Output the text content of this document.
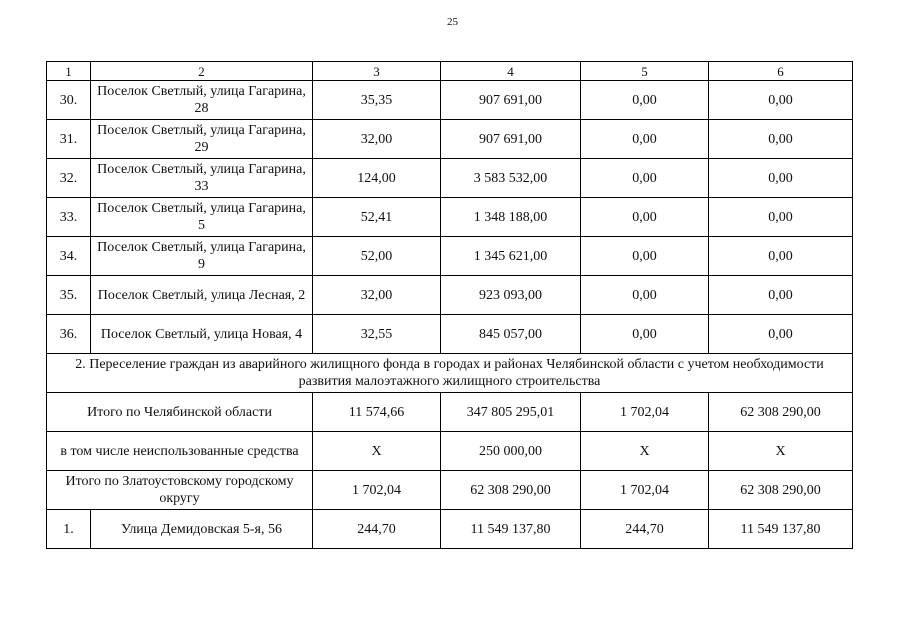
25
1	2	3	4	5	6
30.	Поселок Светлый, улица Гагарина, 28	35,35	907 691,00	0,00	0,00
31.	Поселок Светлый, улица Гагарина, 29	32,00	907 691,00	0,00	0,00
32.	Поселок Светлый, улица Гагарина, 33	124,00	3 583 532,00	0,00	0,00
33.	Поселок Светлый, улица Гагарина, 5	52,41	1 348 188,00	0,00	0,00
34.	Поселок Светлый, улица Гагарина, 9	52,00	1 345 621,00	0,00	0,00
35.	Поселок Светлый, улица Лесная, 2	32,00	923 093,00	0,00	0,00
36.	Поселок Светлый, улица Новая, 4	32,55	845 057,00	0,00	0,00
2. Переселение граждан из аварийного жилищного фонда в городах и районах Челябинской области с учетом необходимости развития малоэтажного жилищного строительства					
Итого по Челябинской области		11 574,66	347 805 295,01	1 702,04	62 308 290,00
в том числе неиспользованные средства		X	250 000,00	X	X
Итого по Златоустовскому городскому округу		1 702,04	62 308 290,00	1 702,04	62 308 290,00
1.	Улица Демидовская 5-я, 56	244,70	11 549 137,80	244,70	11 549 137,80
